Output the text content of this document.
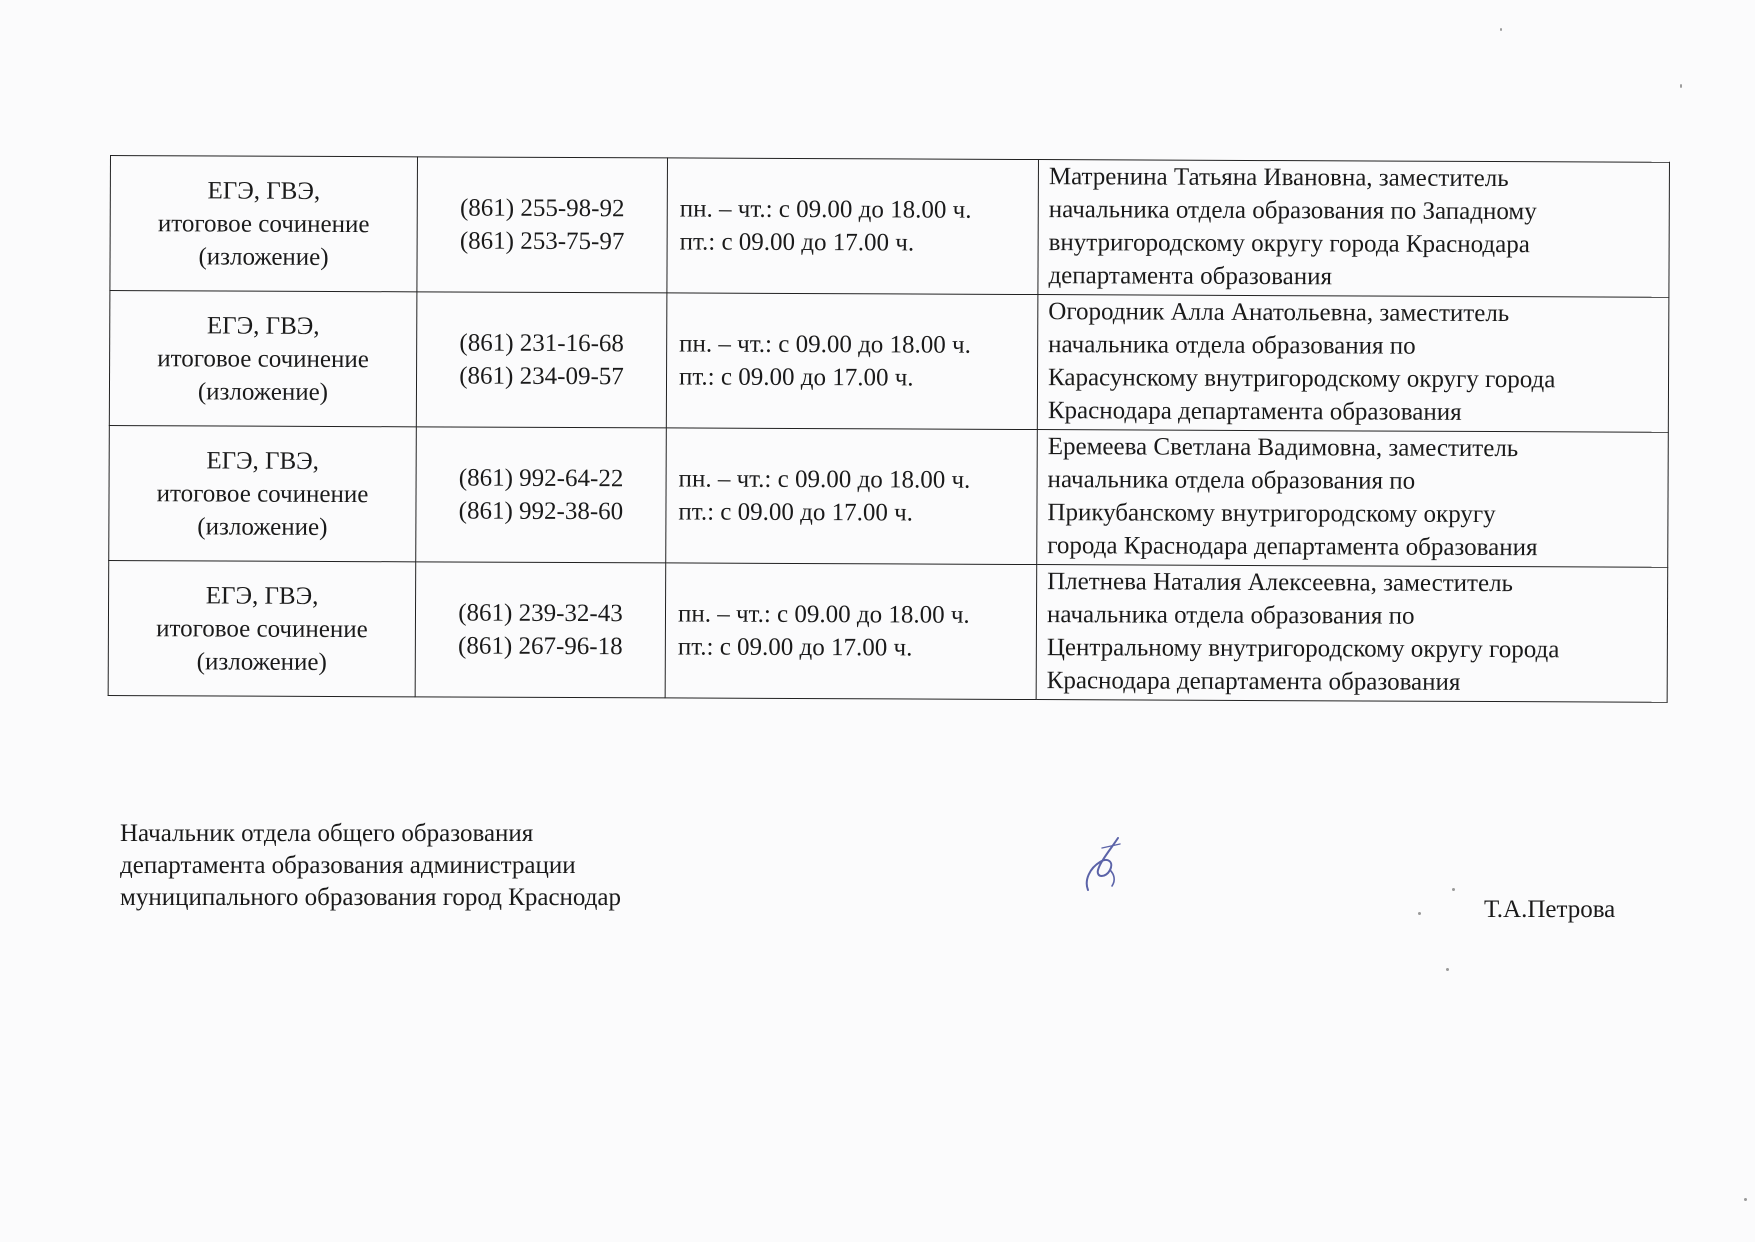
ЕГЭ, ГВЭ,
итоговое сочинение
(изложение)	(861) 255-98-92
(861) 253-75-97	пн. – чт.: с 09.00 до 18.00 ч.
пт.: с 09.00 до 17.00 ч.	Матренина Татьяна Ивановна, заместитель
начальника отдела образования по Западному
внутригородскому округу города Краснодара
департамента образования

ЕГЭ, ГВЭ,
итоговое сочинение
(изложение)	(861) 231-16-68
(861) 234-09-57	пн. – чт.: с 09.00 до 18.00 ч.
пт.: с 09.00 до 17.00 ч.	Огородник Алла Анатольевна, заместитель
начальника отдела образования по
Карасунскому внутригородскому округу города
Краснодара департамента образования

ЕГЭ, ГВЭ,
итоговое сочинение
(изложение)	(861) 992-64-22
(861) 992-38-60	пн. – чт.: с 09.00 до 18.00 ч.
пт.: с 09.00 до 17.00 ч.	Еремеева Светлана Вадимовна, заместитель
начальника отдела образования по
Прикубанскому внутригородскому округу
города Краснодара департамента образования

ЕГЭ, ГВЭ,
итоговое сочинение
(изложение)	(861) 239-32-43
(861) 267-96-18	пн. – чт.: с 09.00 до 18.00 ч.
пт.: с 09.00 до 17.00 ч.	Плетнева Наталия Алексеевна, заместитель
начальника отдела образования по
Центральному внутригородскому округу города
Краснодара департамента образования
Начальник отдела общего образования
департамента образования администрации
муниципального образования город Краснодар	Т.А.Петрова
